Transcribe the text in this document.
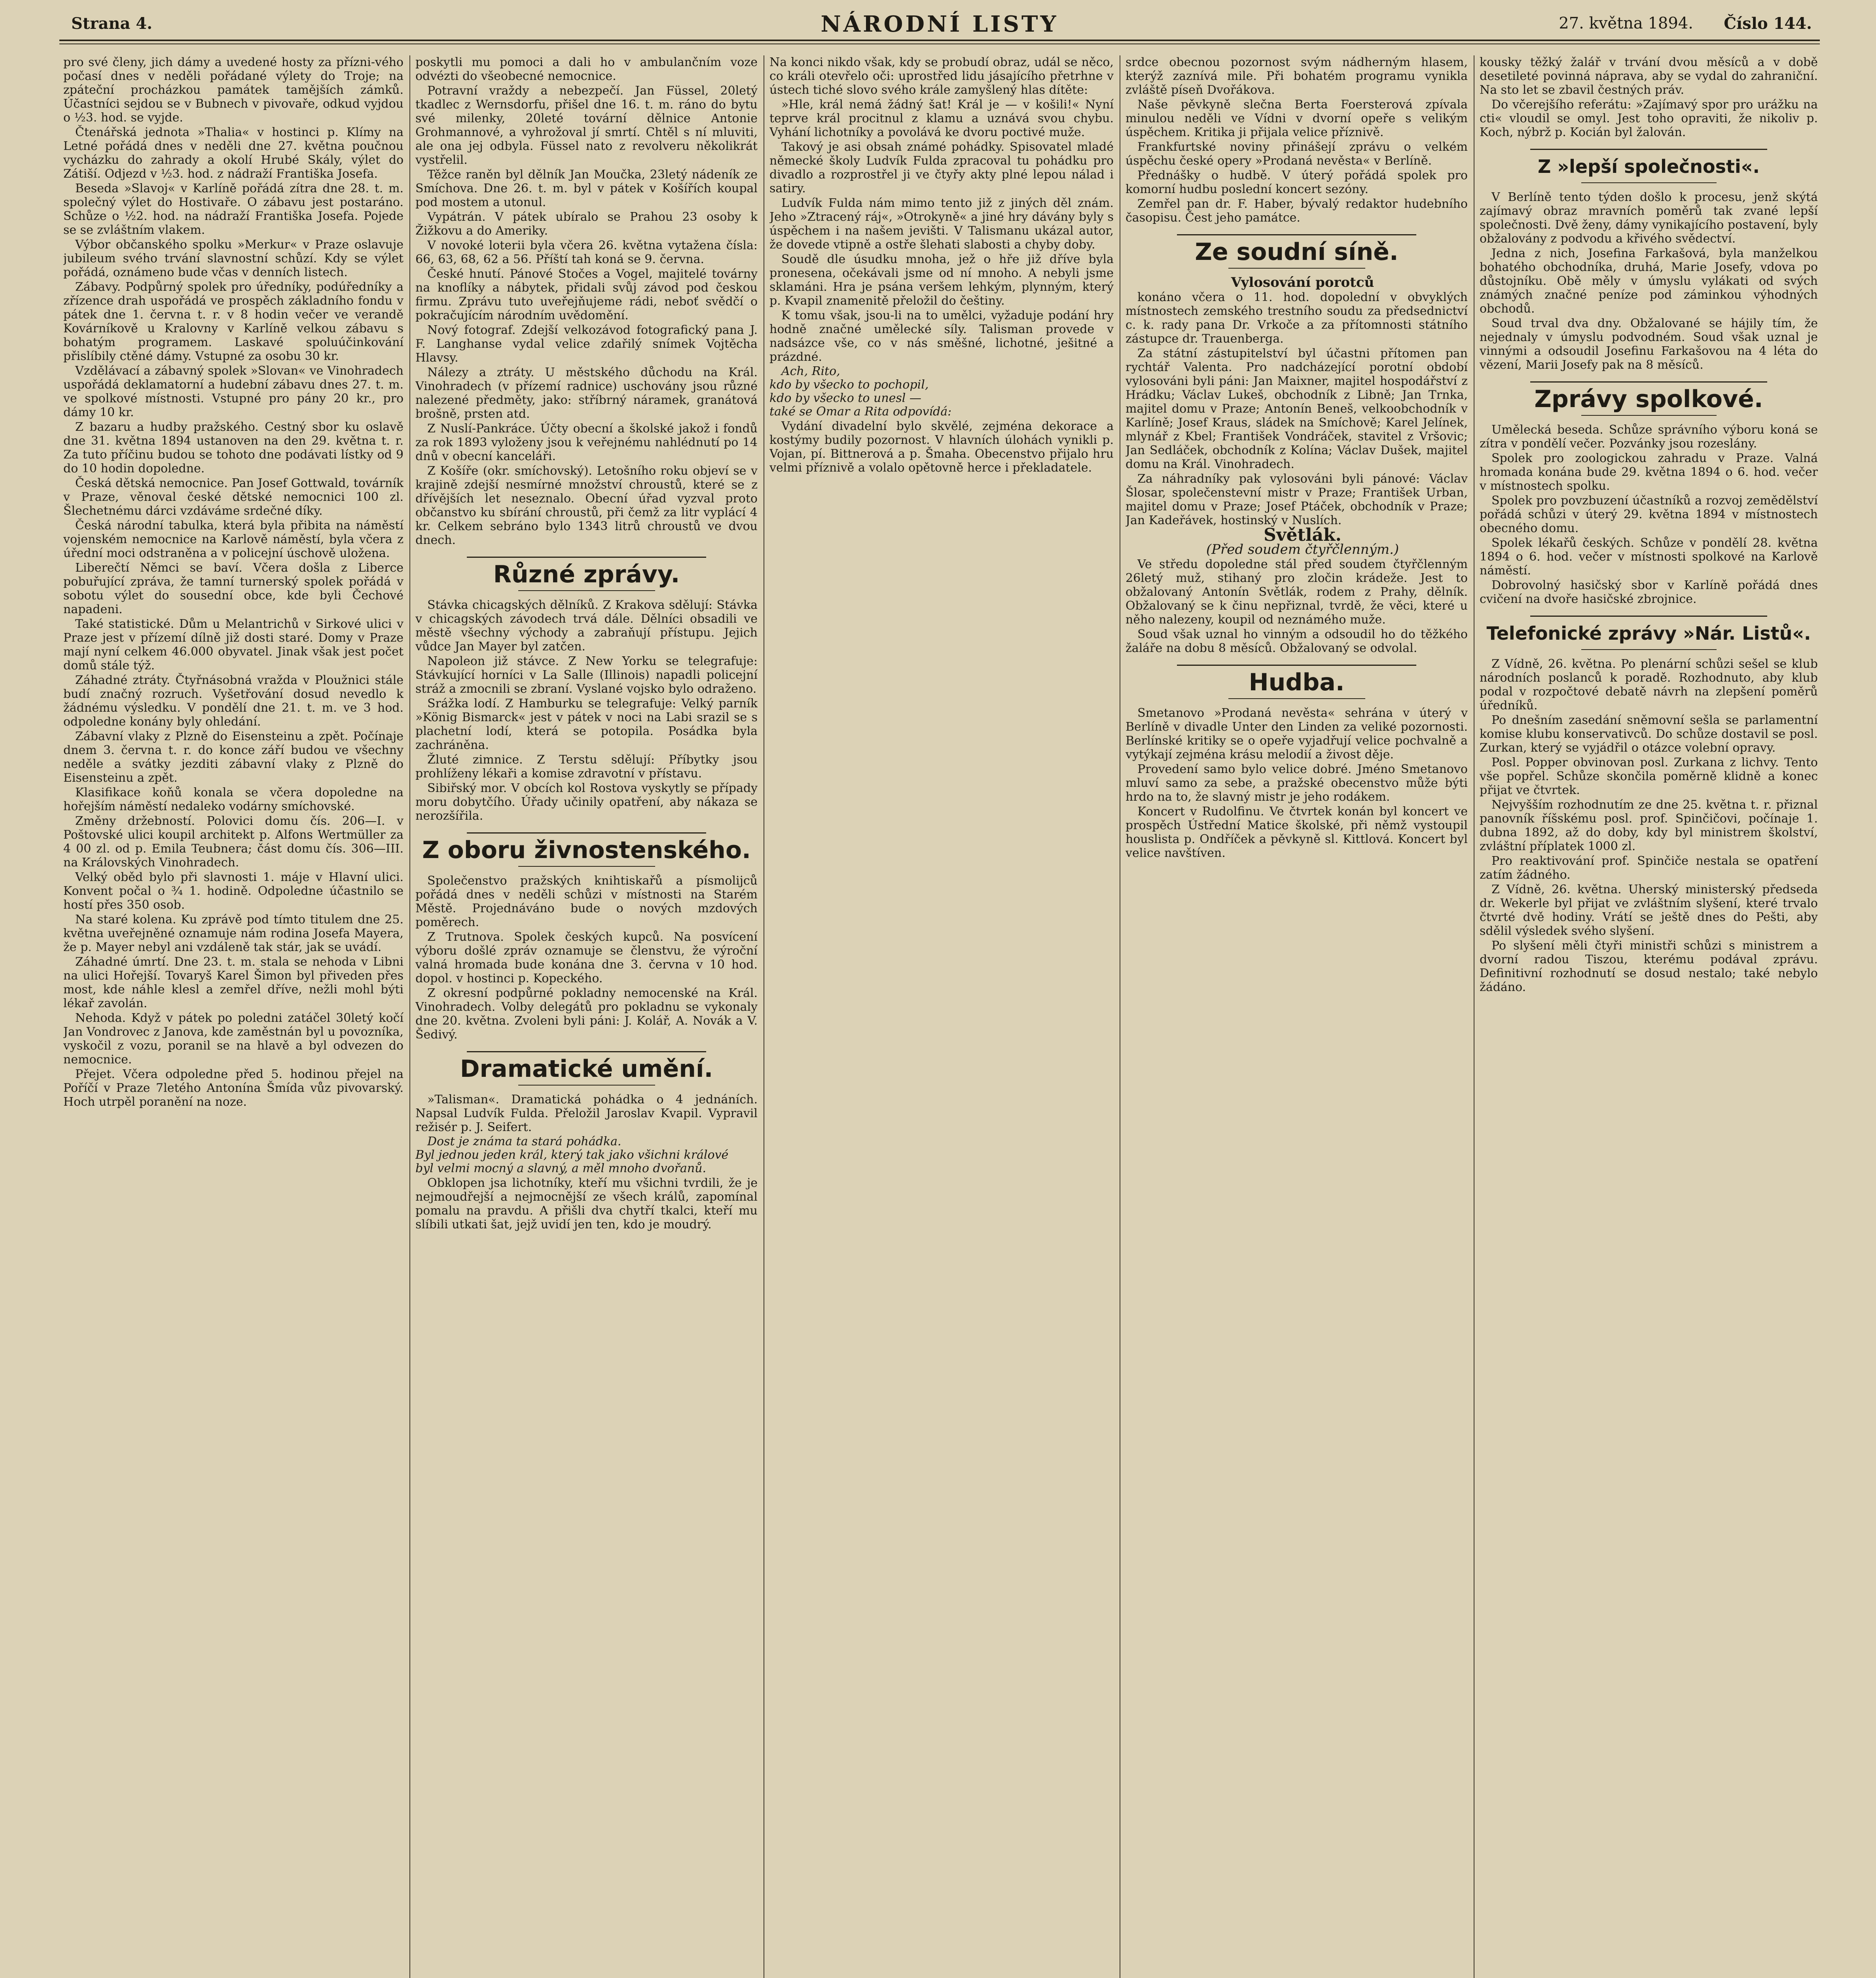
Strana 4.	NÁRODNÍ LISTY	27. května 1894. Číslo 144.

pro své členy, jich dámy a uvedené hosty za přízni-vého počasí dnes v neděli pořádané výlety do Troje; na zpáteční procházkou památek tamějších zámků. Účastníci sejdou se v Bubnech v pivovaře, odkud vyjdou o ½3. hod. se vyjde.

Čtenářská jednota »Thalia« v hostinci p. Klímy na Letné pořádá dnes v neděli dne 27. května poučnou vycházku do zahrady a okolí Hrubé Skály, výlet do Zátiší. Odjezd v ½3. hod. z nádraží Františka Josefa.

Beseda »Slavoj« v Karlíně pořádá zítra dne 28. t. m. společný výlet do Hostivaře. O zábavu jest postaráno. Schůze o ½2. hod. na nádraží Františka Josefa. Pojede se se zvláštním vlakem.

Výbor občanského spolku »Merkur« v Praze oslavuje jubileum svého trvání slavnostní schůzí. Kdy se výlet pořádá, oznámeno bude včas v denních listech.

Zábavy. Podpůrný spolek pro úředníky, podúředníky a zřízence drah uspořádá ve prospěch základního fondu v pátek dne 1. června t. r. v 8 hodin večer ve verandě Kovárníkově u Kralovny v Karlíně velkou zábavu s bohatým programem. Laskavé spoluúčinkování přislíbily ctěné dámy. Vstupné za osobu 30 kr.

Vzdělávací a zábavný spolek »Slovan« ve Vinohradech uspořádá deklamatorní a hudební zábavu dnes 27. t. m. ve spolkové místnosti. Vstupné pro pány 20 kr., pro dámy 10 kr.

Z bazaru a hudby pražského. Cestný sbor ku oslavě dne 31. května 1894 ustanoven na den 29. května t. r. Za tuto příčinu budou se tohoto dne podávati lístky od 9 do 10 hodin dopoledne.

Česká dětská nemocnice. Pan Josef Gottwald, továrník v Praze, věnoval české dětské nemocnici 100 zl. Šlechetnému dárci vzdáváme srdečné díky.

Česká národní tabulka, která byla přibita na náměstí vojenském nemocnice na Karlově náměstí, byla včera z úřední moci odstraněna a v policejní úschově uložena.

Liberečtí Němci se baví. Včera došla z Liberce pobuřující zpráva, že tamní turnerský spolek pořádá v sobotu výlet do sousední obce, kde byli Čechové napadeni.

Také statistické. Dům u Melantrichů v Sirkové ulici v Praze jest v přízemí dílně již dosti staré. Domy v Praze mají nyní celkem 46.000 obyvatel. Jinak však jest počet domů stále týž.

Záhadné ztráty. Čtyřnásobná vražda v Ploužnici stále budí značný rozruch. Vyšetřování dosud nevedlo k žádnému výsledku. V pondělí dne 21. t. m. ve 3 hod. odpoledne konány byly ohledání.

Zábavní vlaky z Plzně do Eisensteinu a zpět. Počínaje dnem 3. června t. r. do konce září budou ve všechny neděle a svátky jezditi zábavní vlaky z Plzně do Eisensteinu a zpět.

Klasifikace koňů konala se včera dopoledne na hořejším náměstí nedaleko vodárny smíchovské.

Změny držebností. Polovici domu čís. 206—I. v Poštovské ulici koupil architekt p. Alfons Wertmüller za 4 00 zl. od p. Emila Teubnera; část domu čís. 306—III. na Královských Vinohradech.

Velký oběd bylo při slavnosti 1. máje v Hlavní ulici. Konvent počal o ¾ 1. hodině. Odpoledne účastnilo se hostí přes 350 osob.

Na staré kolena. Ku zprávě pod tímto titulem dne 25. května uveřejněné oznamuje nám rodina Josefa Mayera, že p. Mayer nebyl ani vzdáleně tak stár, jak se uvádí.

Záhadné úmrtí. Dne 23. t. m. stala se nehoda v Libni na ulici Hořejší. Tovaryš Karel Šimon byl přiveden přes most, kde náhle klesl a zemřel dříve, nežli mohl býti lékař zavolán.

Nehoda. Když v pátek po poledni zatáčel 30letý kočí Jan Vondrovec z Janova, kde zaměstnán byl u povozníka, vyskočil z vozu, poranil se na hlavě a byl odvezen do nemocnice.

Přejet. Včera odpoledne před 5. hodinou přejel na Poříčí v Praze 7letého Antonína Šmída vůz pivovarský. Hoch utrpěl poranění na noze.

poskytli mu pomoci a dali ho v ambulančním voze odvézti do všeobecné nemocnice.

Potravní vraždy a nebezpečí. Jan Füssel, 20letý tkadlec z Wernsdorfu, přišel dne 16. t. m. ráno do bytu své milenky, 20leté tovární dělnice Antonie Grohmannové, a vyhrožoval jí smrtí. Chtěl s ní mluviti, ale ona jej odbyla. Füssel nato z revolveru několikrát vystřelil.

Těžce raněn byl dělník Jan Moučka, 23letý nádeník ze Smíchova. Dne 26. t. m. byl v pátek v Košířích koupal pod mostem a utonul.

Vypátrán. V pátek ubíralo se Prahou 23 osoby k Žižkovu a do Ameriky.

V novoké loterii byla včera 26. května vytažena čísla: 66, 63, 68, 62 a 56. Příští tah koná se 9. června.

České hnutí. Pánové Stočes a Vogel, majitelé továrny na knoflíky a nábytek, přidali svůj závod pod českou firmu. Zprávu tuto uveřejňujeme rádi, neboť svědčí o pokračujícím národním uvědomění.

Nový fotograf. Zdejší velkozávod fotografický pana J. F. Langhanse vydal velice zdařilý snímek Vojtěcha Hlavsy.

Nálezy a ztráty. U městského důchodu na Král. Vinohradech (v přízemí radnice) uschovány jsou různé nalezené předměty, jako: stříbrný náramek, granátová brošně, prsten atd.

Z Nuslí-Pankráce. Účty obecní a školské jakož i fondů za rok 1893 vyloženy jsou k veřejnému nahlédnutí po 14 dnů v obecní kanceláři.

Z Košíře (okr. smíchovský). Letošního roku objeví se v krajině zdejší nesmírné množství chroustů, které se z dřívějších let neseznalo. Obecní úřad vyzval proto občanstvo ku sbírání chroustů, při čemž za litr vyplácí 4 kr. Celkem sebráno bylo 1343 litrů chroustů ve dvou dnech.

Různé zprávy.

Stávka chicagských dělníků. Z Krakova sdělují: Stávka v chicagských závodech trvá dále. Dělníci obsadili ve městě všechny východy a zabraňují přístupu. Jejich vůdce Jan Mayer byl zatčen.

Napoleon již stávce. Z New Yorku se telegrafuje: Stávkující horníci v La Salle (Illinois) napadli policejní stráž a zmocnili se zbraní. Vyslané vojsko bylo odraženo.

Srážka lodí. Z Hamburku se telegrafuje: Velký parník »König Bismarck« jest v pátek v noci na Labi srazil se s plachetní lodí, která se potopila. Posádka byla zachráněna.

Žluté zimnice. Z Terstu sdělují: Příbytky jsou prohlíženy lékaři a komise zdravotní v přístavu.

Sibiřský mor. V obcích kol Rostova vyskytly se případy moru dobytčího. Úřady učinily opatření, aby nákaza se nerozšířila.

Z oboru živnostenského.

Společenstvo pražských knihtiskařů a písmolijců pořádá dnes v neděli schůzi v místnosti na Starém Městě. Projednáváno bude o nových mzdových poměrech.

Z Trutnova. Spolek českých kupců. Na posvícení výboru došlé zpráv oznamuje se členstvu, že výroční valná hromada bude konána dne 3. června v 10 hod. dopol. v hostinci p. Kopeckého.

Z okresní podpůrné pokladny nemocenské na Král. Vinohradech. Volby delegátů pro pokladnu se vykonaly dne 20. května. Zvoleni byli páni: J. Kolář, A. Novák a V. Šedivý.

Dramatické umění.

»Talisman«. Dramatická pohádka o 4 jednáních. Napsal Ludvík Fulda. Přeložil Jaroslav Kvapil. Vypravil režisér p. J. Seifert.

Dost je známa ta stará pohádka.
Byl jednou jeden král, který tak jako všichni králové
byl velmi mocný a slavný, a měl mnoho dvořanů.

Obklopen jsa lichotníky, kteří mu všichni tvrdili, že je nejmoudřejší a nejmocnější ze všech králů, zapomínal pomalu na pravdu. A přišli dva chytří tkalci, kteří mu slíbili utkati šat, jejž uvidí jen ten, kdo je moudrý.

Na konci nikdo však, kdy se probudí obraz, udál se něco, co králi otevřelo oči: uprostřed lidu jásajícího přetrhne v ústech tiché slovo svého krále zamyšlený hlas dítěte:

»Hle, král nemá žádný šat! Král je — v košili!« Nyní teprve král procitnul z klamu a uznává svou chybu. Vyhání lichotníky a povolává ke dvoru poctivé muže.

Takový je asi obsah známé pohádky. Spisovatel mladé německé školy Ludvík Fulda zpracoval tu pohádku pro divadlo a rozprostřel ji ve čtyřy akty plné lepou nálad i satiry.

Ludvík Fulda nám mimo tento již z jiných děl znám. Jeho »Ztracený ráj«, »Otrokyně« a jiné hry dávány byly s úspěchem i na našem jevišti. V Talismanu ukázal autor, že dovede vtipně a ostře šlehati slabosti a chyby doby.

Soudě dle úsudku mnoha, jež o hře již dříve byla pronesena, očekávali jsme od ní mnoho. A nebyli jsme sklamáni. Hra je psána veršem lehkým, plynným, který p. Kvapil znamenitě přeložil do češtiny.

K tomu však, jsou-li na to umělci, vyžaduje podání hry hodně značné umělecké síly. Talisman provede v nadsázce vše, co v nás směšné, lichotné, ješitné a prázdné.

Ach, Rito,
kdo by všecko to pochopil,
kdo by všecko to unesl —
také se Omar a Rita odpovídá:

Vydání divadelní bylo skvělé, zejména dekorace a kostýmy budily pozornost. V hlavních úlohách vynikli p. Vojan, pí. Bittnerová a p. Šmaha. Obecenstvo přijalo hru velmi příznivě a volalo opětovně herce i překladatele.

srdce obecnou pozornost svým nádherným hlasem, kterýž zaznívá mile. Při bohatém programu vynikla zvláště píseň Dvořákova.

Naše pěvkyně slečna Berta Foersterová zpívala minulou neděli ve Vídni v dvorní opeře s velikým úspěchem. Kritika ji přijala velice příznivě.

Frankfurtské noviny přinášejí zprávu o velkém úspěchu české opery »Prodaná nevěsta« v Berlíně.

Přednášky o hudbě. V úterý pořádá spolek pro komorní hudbu poslední koncert sezóny.

Zemřel pan dr. F. Haber, bývalý redaktor hudebního časopisu. Čest jeho památce.

Ze soudní síně.

Vylosování porotců

konáno včera o 11. hod. dopolední v obvyklých místnostech zemského trestního soudu za předsednictví c. k. rady pana Dr. Vrkoče a za přítomnosti státního zástupce dr. Trauenberga.

Za státní zástupitelství byl účastni přítomen pan rychtář Valenta. Pro nadcházející porotní období vylosováni byli páni: Jan Maixner, majitel hospodářství z Hrádku; Václav Lukeš, obchodník z Libně; Jan Trnka, majitel domu v Praze; Antonín Beneš, velkoobchodník v Karlíně; Josef Kraus, sládek na Smíchově; Karel Jelínek, mlynář z Kbel; František Vondráček, stavitel z Vršovic; Jan Sedláček, obchodník z Kolína; Václav Dušek, majitel domu na Král. Vinohradech.

Za náhradníky pak vylosováni byli pánové: Václav Šlosar, společenstevní mistr v Praze; František Urban, majitel domu v Praze; Josef Ptáček, obchodník v Praze; Jan Kadeřávek, hostinský v Nuslích.

Světlák.

(Před soudem čtyřčlenným.)

Ve středu dopoledne stál před soudem čtyřčlenným 26letý muž, stihaný pro zločin krádeže. Jest to obžalovaný Antonín Světlák, rodem z Prahy, dělník. Obžalovaný se k činu nepřiznal, tvrdě, že věci, které u něho nalezeny, koupil od neznámého muže.

Soud však uznal ho vinným a odsoudil ho do těžkého žaláře na dobu 8 měsíců. Obžalovaný se odvolal.

Hudba.

Smetanovo »Prodaná nevěsta« sehrána v úterý v Berlíně v divadle Unter den Linden za veliké pozornosti. Berlínské kritiky se o opeře vyjadřují velice pochvalně a vytýkají zejména krásu melodií a živost děje.

Provedení samo bylo velice dobré. Jméno Smetanovo mluví samo za sebe, a pražské obecenstvo může býti hrdo na to, že slavný mistr je jeho rodákem.

Koncert v Rudolfinu. Ve čtvrtek konán byl koncert ve prospěch Ústřední Matice školské, při němž vystoupil houslista p. Ondříček a pěvkyně sl. Kittlová. Koncert byl velice navštíven.

kousky těžký žalář v trvání dvou měsíců a v době desetileté povinná náprava, aby se vydal do zahraniční. Na sto let se zbavil čestných práv.

Do včerejšího referátu: »Zajímavý spor pro urážku na cti« vloudil se omyl. Jest toho opraviti, že nikoliv p. Koch, nýbrž p. Kocián byl žalován.

Z »lepší společnosti«.

V Berlíně tento týden došlo k procesu, jenž skýtá zajímavý obraz mravních poměrů tak zvané lepší společnosti. Dvě ženy, dámy vynikajícího postavení, byly obžalovány z podvodu a křivého svědectví.

Jedna z nich, Josefina Farkašová, byla manželkou bohatého obchodníka, druhá, Marie Josefy, vdova po důstojníku. Obě měly v úmyslu vylákati od svých známých značné peníze pod záminkou výhodných obchodů.

Soud trval dva dny. Obžalované se hájily tím, že nejednaly v úmyslu podvodném. Soud však uznal je vinnými a odsoudil Josefinu Farkašovou na 4 léta do vězení, Marii Josefy pak na 8 měsíců.

Zprávy spolkové.

Umělecká beseda. Schůze správního výboru koná se zítra v pondělí večer. Pozvánky jsou rozeslány.

Spolek pro zoologickou zahradu v Praze. Valná hromada konána bude 29. května 1894 o 6. hod. večer v místnostech spolku.

Spolek pro povzbuzení účastníků a rozvoj zemědělství pořádá schůzi v úterý 29. května 1894 v místnostech obecného domu.

Spolek lékařů českých. Schůze v pondělí 28. května 1894 o 6. hod. večer v místnosti spolkové na Karlově náměstí.

Dobrovolný hasičský sbor v Karlíně pořádá dnes cvičení na dvoře hasičské zbrojnice.

Telefonické zprávy »Nár. Listů«.

Z Vídně, 26. května. Po plenární schůzi sešel se klub národních poslanců k poradě. Rozhodnuto, aby klub podal v rozpočtové debatě návrh na zlepšení poměrů úředníků.

Po dnešním zasedání sněmovní sešla se parlamentní komise klubu konservativců. Do schůze dostavil se posl. Zurkan, který se vyjádřil o otázce volební opravy.

Posl. Popper obvinovan posl. Zurkana z lichvy. Tento vše popřel. Schůze skončila poměrně klidně a konec přijat ve čtvrtek.

Nejvyšším rozhodnutím ze dne 25. května t. r. přiznal panovník říšskému posl. prof. Spinčičovi, počínaje 1. dubna 1892, až do doby, kdy byl ministrem školství, zvláštní příplatek 1000 zl.

Pro reaktivování prof. Spinčiče nestala se opatření zatím žádného.

Z Vídně, 26. května. Uherský ministerský předseda dr. Wekerle byl přijat ve zvláštním slyšení, které trvalo čtvrté dvě hodiny. Vrátí se ještě dnes do Pešti, aby sdělil výsledek svého slyšení.

Po slyšení měli čtyři ministři schůzi s ministrem a dvorní radou Tiszou, kterému podával zprávu. Definitivní rozhodnutí se dosud nestalo; také nebylo žádáno.
